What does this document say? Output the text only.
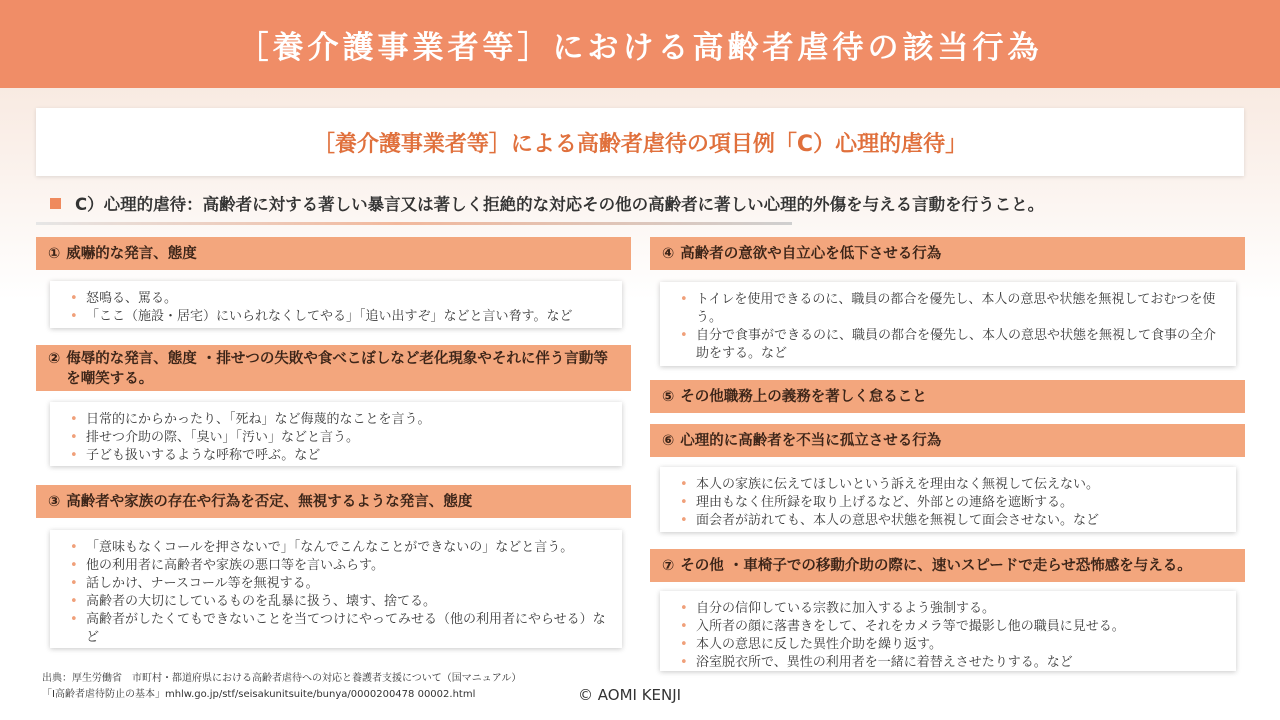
［養介護事業者等］における高齢者虐待の該当行為
［養介護事業者等］による高齢者虐待の項目例「C）心理的虐待」
C）心理的虐待：高齢者に対する著しい暴言又は著しく拒絶的な対応その他の高齢者に著しい心理的外傷を与える言動を行うこと。
① 威嚇的な発言、態度
• 怒鳴る、罵る。
• 「ここ（施設・居宅）にいられなくしてやる」「追い出すぞ」などと言い脅す。など
② 侮辱的な発言、態度 ・排せつの失敗や食べこぼしなど老化現象やそれに伴う言動等を嘲笑する。
• 日常的にからかったり、「死ね」など侮蔑的なことを言う。
• 排せつ介助の際、「臭い」「汚い」などと言う。
• 子ども扱いするような呼称で呼ぶ。など
③ 高齢者や家族の存在や行為を否定、無視するような発言、態度
• 「意味もなくコールを押さないで」「なんでこんなことができないの」などと言う。
• 他の利用者に高齢者や家族の悪口等を言いふらす。
• 話しかけ、ナースコール等を無視する。
• 高齢者の大切にしているものを乱暴に扱う、壊す、捨てる。
• 高齢者がしたくてもできないことを当てつけにやってみせる（他の利用者にやらせる）など
④ 高齢者の意欲や自立心を低下させる行為
• トイレを使用できるのに、職員の都合を優先し、本人の意思や状態を無視しておむつを使う。
• 自分で食事ができるのに、職員の都合を優先し、本人の意思や状態を無視して食事の全介助をする。など
⑤ その他職務上の義務を著しく怠ること
⑥ 心理的に高齢者を不当に孤立させる行為
• 本人の家族に伝えてほしいという訴えを理由なく無視して伝えない。
• 理由もなく住所録を取り上げるなど、外部との連絡を遮断する。
• 面会者が訪れても、本人の意思や状態を無視して面会させない。など
⑦ その他 ・車椅子での移動介助の際に、速いスピードで走らせ恐怖感を与える。
• 自分の信仰している宗教に加入するよう強制する。
• 入所者の顔に落書きをして、それをカメラ等で撮影し他の職員に見せる。
• 本人の意思に反した異性介助を繰り返す。
• 浴室脱衣所で、異性の利用者を一緒に着替えさせたりする。など
出典：厚生労働省　市町村・都道府県における高齢者虐待への対応と養護者支援について（国マニュアル）
「Ⅰ高齢者虐待防止の基本」mhlw.go.jp/stf/seisakunitsuite/bunya/0000200478 00002.html	© AOMI KENJI
